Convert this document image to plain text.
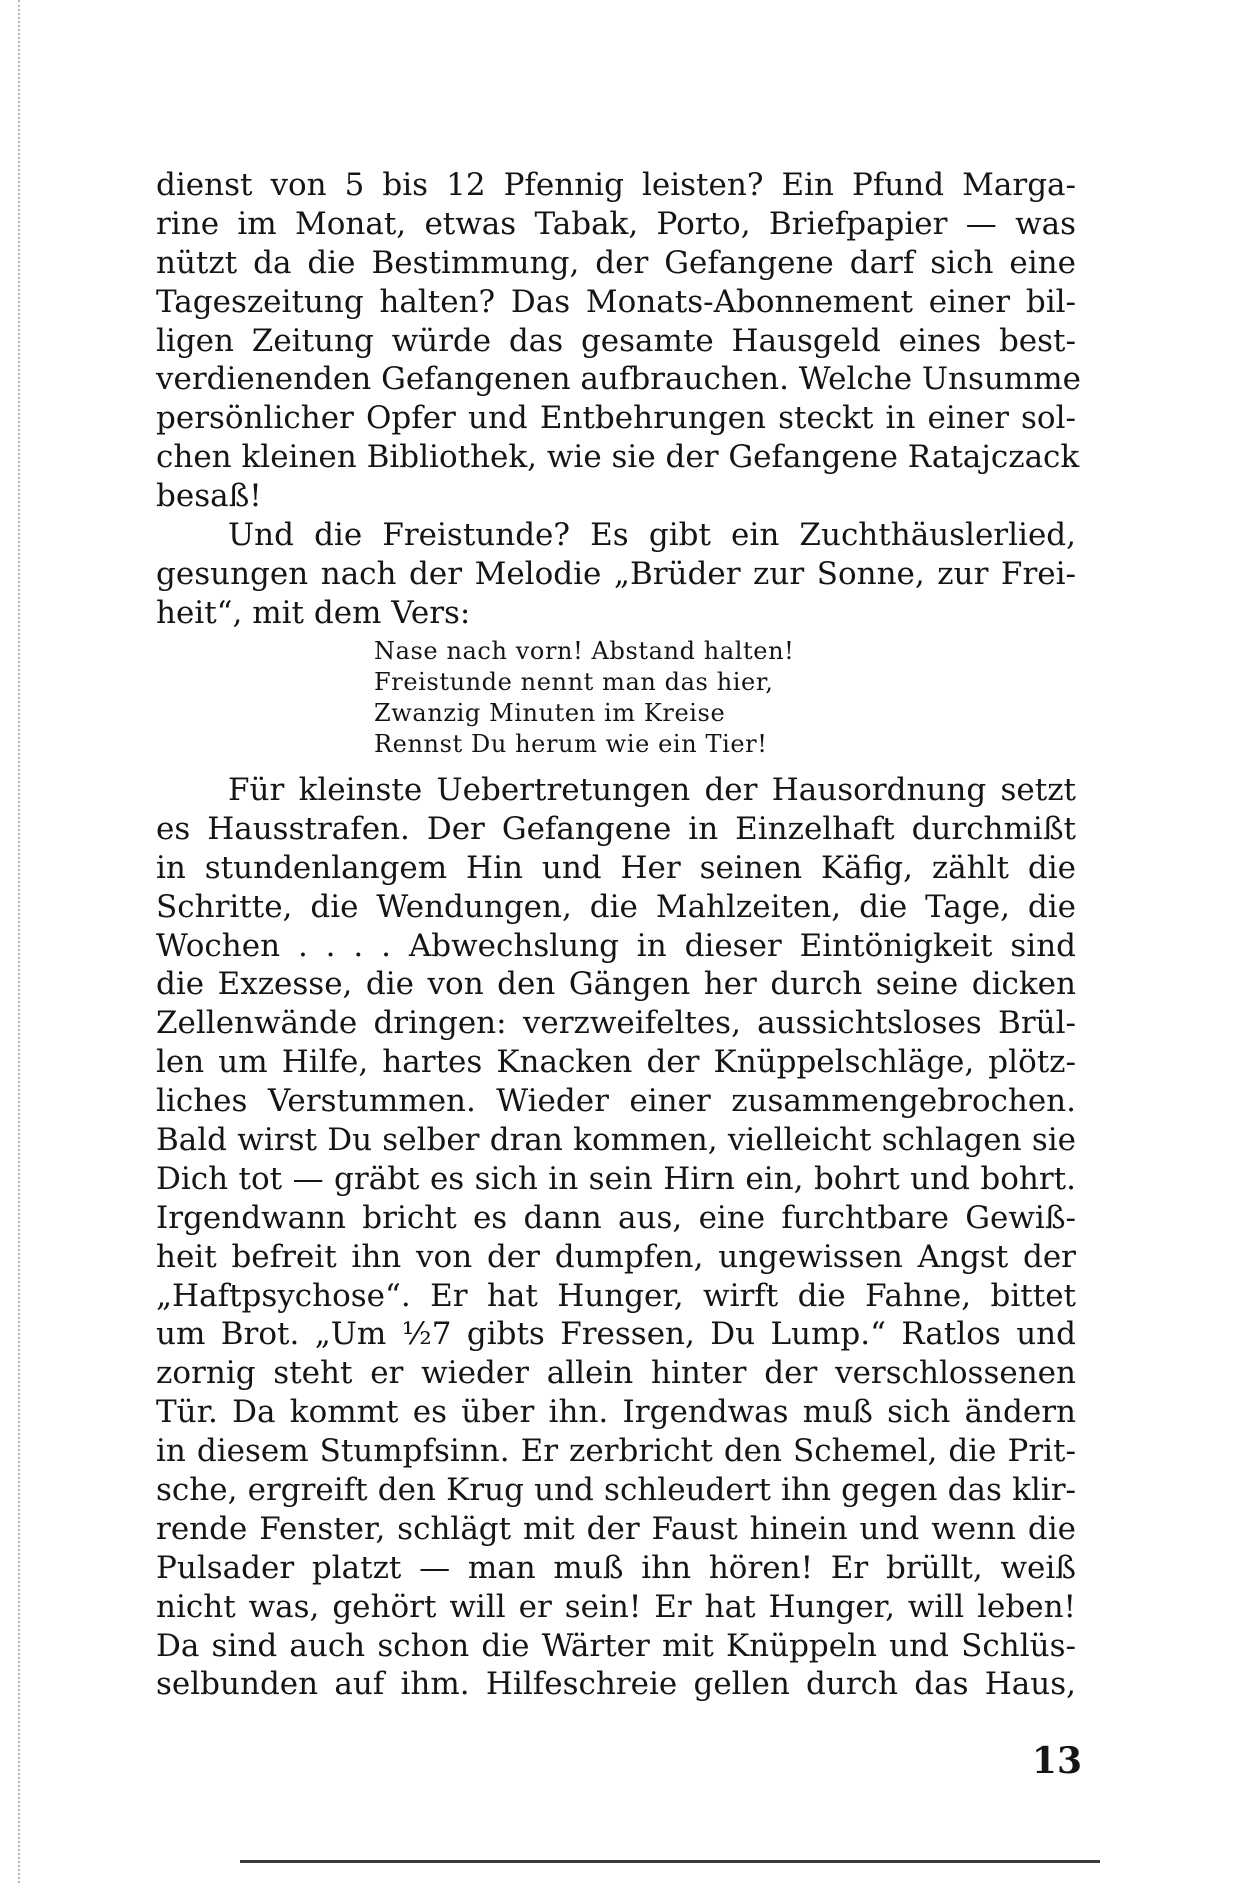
dienst von 5 bis 12 Pfennig leisten? Ein Pfund Marga-
rine im Monat, etwas Tabak, Porto, Briefpapier — was
nützt da die Bestimmung, der Gefangene darf sich eine
Tageszeitung halten? Das Monats-Abonnement einer bil-
ligen Zeitung würde das gesamte Hausgeld eines best-
verdienenden Gefangenen aufbrauchen. Welche Unsumme
persönlicher Opfer und Entbehrungen steckt in einer sol-
chen kleinen Bibliothek, wie sie der Gefangene Ratajczack
besaß!
Und die Freistunde? Es gibt ein Zuchthäuslerlied,
gesungen nach der Melodie „Brüder zur Sonne, zur Frei-
heit“, mit dem Vers:
Nase nach vorn! Abstand halten!
Freistunde nennt man das hier,
Zwanzig Minuten im Kreise
Rennst Du herum wie ein Tier!
Für kleinste Uebertretungen der Hausordnung setzt
es Hausstrafen. Der Gefangene in Einzelhaft durchmißt
in stundenlangem Hin und Her seinen Käfig, zählt die
Schritte, die Wendungen, die Mahlzeiten, die Tage, die
Wochen . . . . Abwechslung in dieser Eintönigkeit sind
die Exzesse, die von den Gängen her durch seine dicken
Zellenwände dringen: verzweifeltes, aussichtsloses Brül-
len um Hilfe, hartes Knacken der Knüppelschläge, plötz-
liches Verstummen. Wieder einer zusammengebrochen.
Bald wirst Du selber dran kommen, vielleicht schlagen sie
Dich tot — gräbt es sich in sein Hirn ein, bohrt und bohrt.
Irgendwann bricht es dann aus, eine furchtbare Gewiß-
heit befreit ihn von der dumpfen, ungewissen Angst der
„Haftpsychose“. Er hat Hunger, wirft die Fahne, bittet
um Brot. „Um ½7 gibts Fressen, Du Lump.“ Ratlos und
zornig steht er wieder allein hinter der verschlossenen
Tür. Da kommt es über ihn. Irgendwas muß sich ändern
in diesem Stumpfsinn. Er zerbricht den Schemel, die Prit-
sche, ergreift den Krug und schleudert ihn gegen das klir-
rende Fenster, schlägt mit der Faust hinein und wenn die
Pulsader platzt — man muß ihn hören! Er brüllt, weiß
nicht was, gehört will er sein! Er hat Hunger, will leben!
Da sind auch schon die Wärter mit Knüppeln und Schlüs-
selbunden auf ihm. Hilfeschreie gellen durch das Haus,
13
